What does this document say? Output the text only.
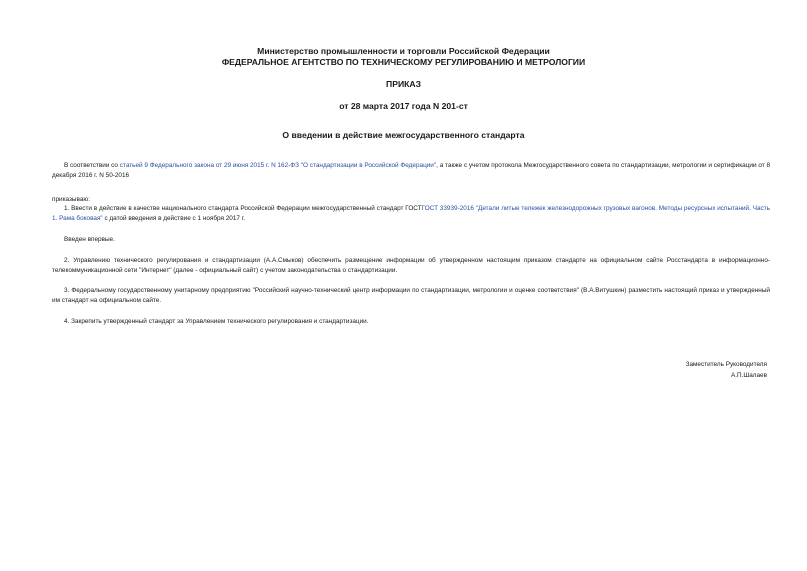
Министерство промышленности и торговли Российской Федерации
ФЕДЕРАЛЬНОЕ АГЕНТСТВО ПО ТЕХНИЧЕСКОМУ РЕГУЛИРОВАНИЮ И МЕТРОЛОГИИ
ПРИКАЗ
от 28 марта 2017 года N 201-ст
О введении в действие межгосударственного стандарта
В соответствии со статьей 9 Федерального закона от 29 июня 2015 г. N 162-ФЗ "О стандартизации в Российской Федерации", а также с учетом протокола Межгосударственного совета по стандартизации, метрологии и сертификации от 8 декабря 2016 г. N 50-2016
приказываю:
1. Ввести в действие в качестве национального стандарта Российской Федерации межгосударственный стандарт ГОСТГОСТ 33939-2016 "Детали литые тележек железнодорожных грузовых вагонов. Методы ресурсных испытаний. Часть 1. Рама боковая" с датой введения в действие с 1 ноября 2017 г.
Введен впервые.
2. Управлению технического регулирования и стандартизации (А.А.Смыков) обеспечить размещение информации об утвержденном настоящим приказом стандарте на официальном сайте Росстандарта в информационно-телекоммуникационной сети "Интернет" (далее - официальный сайт) с учетом законодательства о стандартизации.
3. Федеральному государственному унитарному предприятию "Российский научно-технический центр информации по стандартизации, метрологии и оценке соответствия" (В.А.Витушкин) разместить настоящий приказ и утвержденный им стандарт на официальном сайте.
4. Закрепить утвержденный стандарт за Управлением технического регулирования и стандартизации.
Заместитель Руководителя
А.П.Шалаев
